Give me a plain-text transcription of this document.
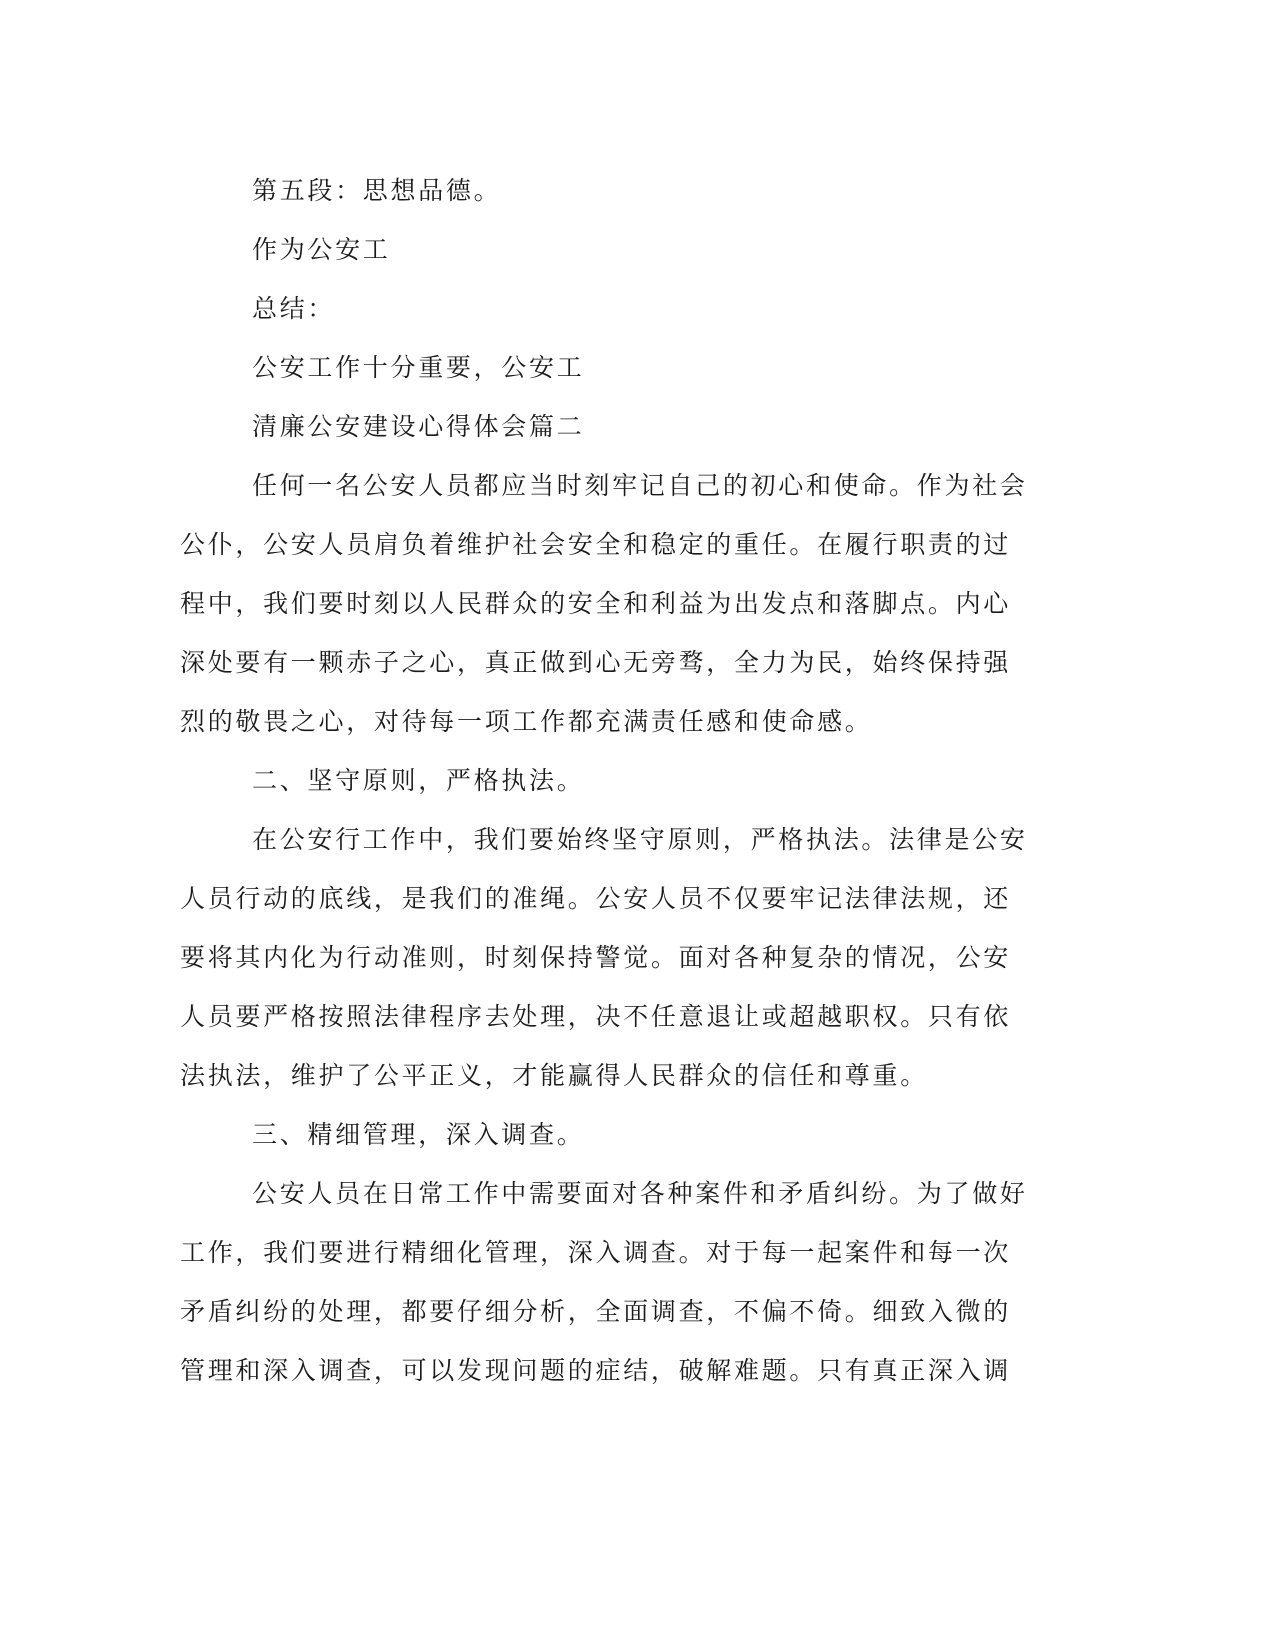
第五段：思想品德。
作为公安工
总结：
公安工作十分重要，公安工
清廉公安建设心得体会篇二
任何一名公安人员都应当时刻牢记自己的初心和使命。作为社会
公仆，公安人员肩负着维护社会安全和稳定的重任。在履行职责的过
程中，我们要时刻以人民群众的安全和利益为出发点和落脚点。内心
深处要有一颗赤子之心，真正做到心无旁骛，全力为民，始终保持强
烈的敬畏之心，对待每一项工作都充满责任感和使命感。
二、坚守原则，严格执法。
在公安行工作中，我们要始终坚守原则，严格执法。法律是公安
人员行动的底线，是我们的准绳。公安人员不仅要牢记法律法规，还
要将其内化为行动准则，时刻保持警觉。面对各种复杂的情况，公安
人员要严格按照法律程序去处理，决不任意退让或超越职权。只有依
法执法，维护了公平正义，才能赢得人民群众的信任和尊重。
三、精细管理，深入调查。
公安人员在日常工作中需要面对各种案件和矛盾纠纷。为了做好
工作，我们要进行精细化管理，深入调查。对于每一起案件和每一次
矛盾纠纷的处理，都要仔细分析，全面调查，不偏不倚。细致入微的
管理和深入调查，可以发现问题的症结，破解难题。只有真正深入调
